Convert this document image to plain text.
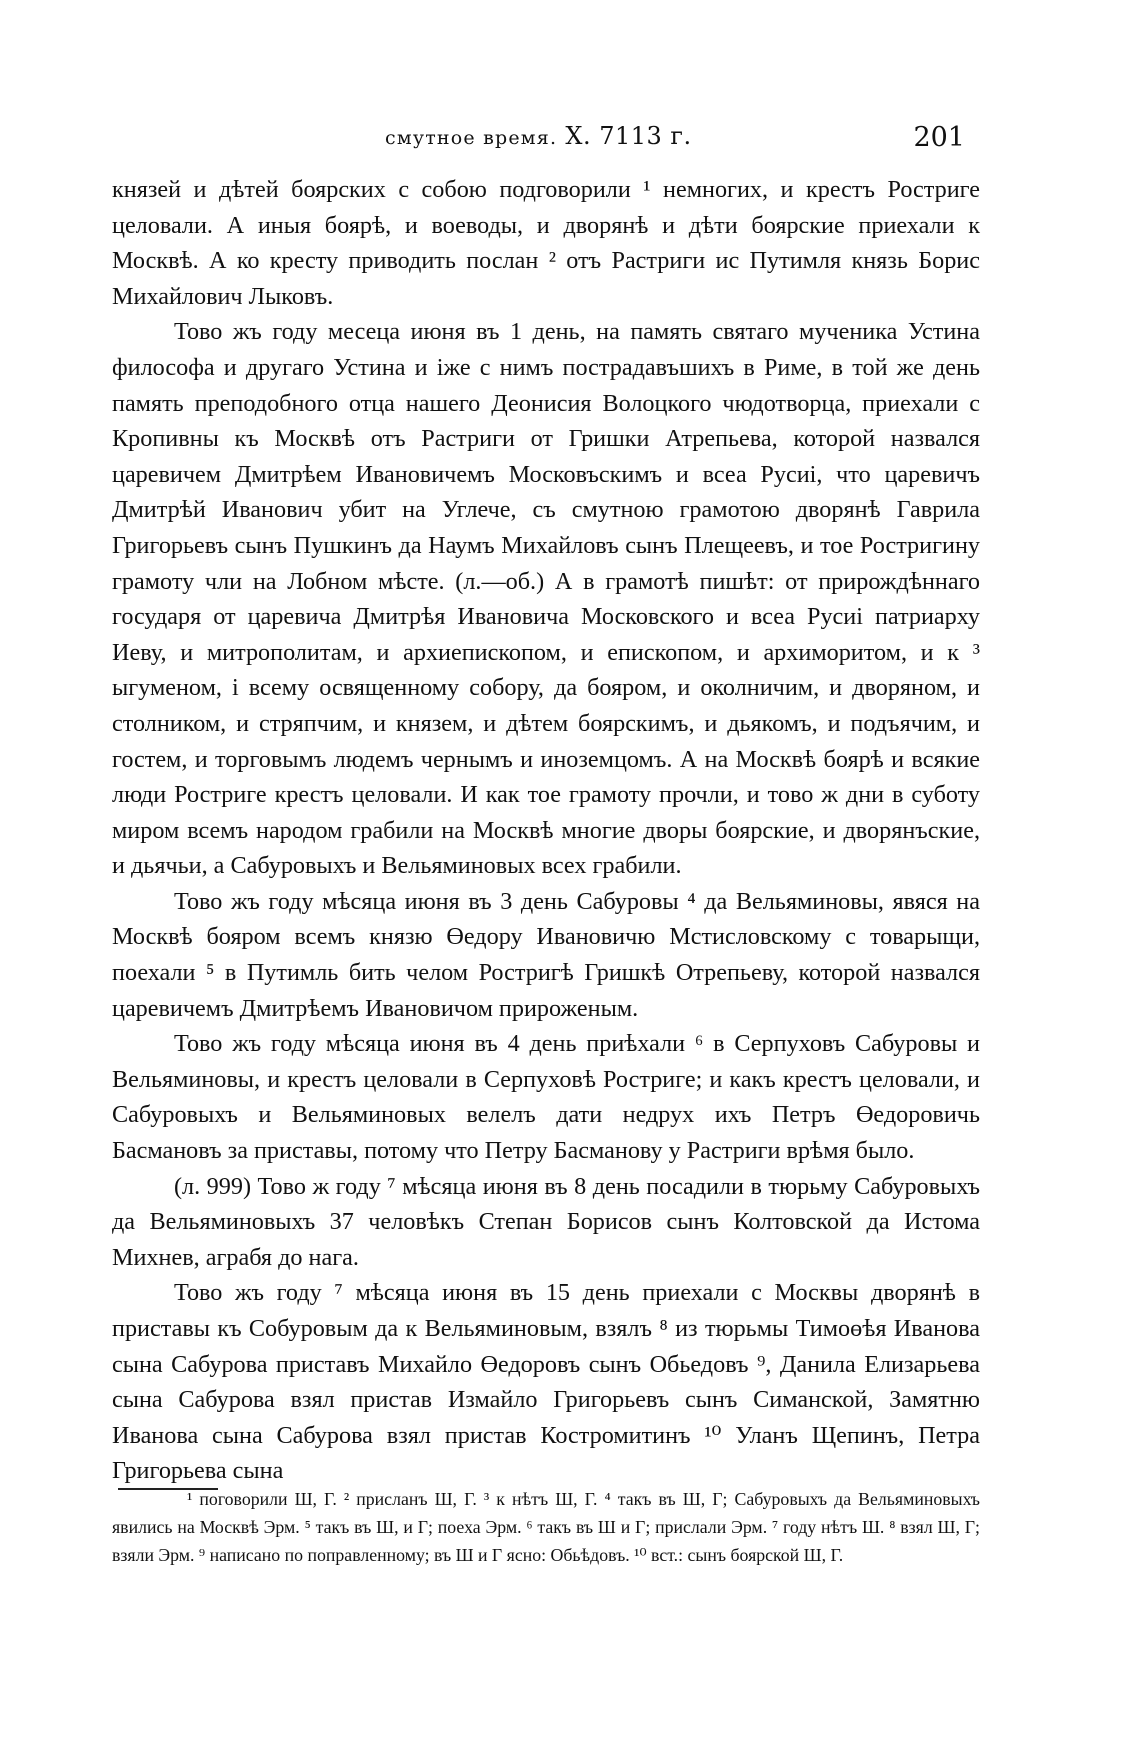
смутное время. X. 7113 г.	201

князей и дѣтей боярских с собою подговорили ¹ немногих, и крестъ Ростриге целовали. А иныя боярѣ, и воеводы, и дворянѣ и дѣти боярские приехали к Москвѣ. А ко кресту приводить послан ² отъ Растриги ис Путимля князь Борис Михайлович Лыковъ.

Тово жъ году месеца июня въ 1 день, на память святаго мученика Устина философа и другаго Устина и іже с нимъ пострадавъшихъ в Риме, в той же день память преподобного отца нашего Деонисия Волоцкого чюдотворца, приехали с Кропивны къ Москвѣ отъ Растриги от Гришки Атрепьева, которой назвался царевичем Дмитрѣем Ивановичемъ Московъскимъ и всеа Русиі, что царевичъ Дмитрѣй Иванович убит на Углече, съ смутною грамотою дворянѣ Гаврила Григорьевъ сынъ Пушкинъ да Наумъ Михайловъ сынъ Плещеевъ, и тое Ростригину грамоту чли на Лобном мѣсте. (л.—об.) А в грамотѣ пишѣт: от прирождѣннаго государя от царевича Дмитрѣя Ивановича Московского и всеа Русиі патриарху Иеву, и митрополитам, и архиепископом, и епископом, и архиморитом, и к ³ ыгуменом, і всему освященному собору, да бояром, и околничим, и дворяном, и столником, и стряпчим, и князем, и дѣтем боярскимъ, и дьякомъ, и подъячим, и гостем, и торговымъ людемъ чернымъ и иноземцомъ. А на Москвѣ боярѣ и всякие люди Ростриге крестъ целовали. И как тое грамоту прочли, и тово ж дни в суботу миром всемъ народом грабили на Москвѣ многие дворы боярские, и дворянъские, и дьячьи, а Сабуровыхъ и Вельяминовых всех грабили.

Тово жъ году мѣсяца июня въ 3 день Сабуровы ⁴ да Вельяминовы, явяся на Москвѣ бояром всемъ князю Өедору Ивановичю Мстисловскому с товарыщи, поехали ⁵ в Путимль бить челом Ростригѣ Гришкѣ Отрепьеву, которой назвался царевичемъ Дмитрѣемъ Ивановичом прироженым.

Тово жъ году мѣсяца июня въ 4 день приѣхали ⁶ в Серпуховъ Сабуровы и Вельяминовы, и крестъ целовали в Серпуховѣ Ростриге; и какъ крестъ целовали, и Сабуровыхъ и Вельяминовых велелъ дати недрух ихъ Петръ Өедоровичь Басмановъ за приставы, потому что Петру Басманову у Растриги врѣмя было.

(л. 999) Тово ж году ⁷ мѣсяца июня въ 8 день посадили в тюрьму Сабуровыхъ да Вельяминовыхъ 37 человѣкъ Степан Борисов сынъ Колтовской да Истома Михнев, аграбя до нага.

Тово жъ году ⁷ мѣсяца июня въ 15 день приехали с Москвы дворянѣ в приставы къ Собуровым да к Вельяминовым, взялъ ⁸ из тюрьмы Тимоөѣя Иванова сына Сабурова приставъ Михайло Өедоровъ сынъ Обьедовъ ⁹, Данила Елизарьева сына Сабурова взял пристав Измайло Григорьевъ сынъ Симанской, Замятню Иванова сына Сабурова взял пристав Костромитинъ ¹⁰ Уланъ Щепинъ, Петра Григорьева сына

¹ поговорили Ш, Г. ² присланъ Ш, Г. ³ к нѣтъ Ш, Г. ⁴ такъ въ Ш, Г; Сабуровыхъ да Вельяминовыхъ явились на Москвѣ Эрм. ⁵ такъ въ Ш, и Г; поеха Эрм. ⁶ такъ въ Ш и Г; прислали Эрм. ⁷ году нѣтъ Ш. ⁸ взял Ш, Г; взяли Эрм. ⁹ написано по поправленному; въ Ш и Г ясно: Обьѣдовъ. ¹⁰ вст.: сынъ боярской Ш, Г.
